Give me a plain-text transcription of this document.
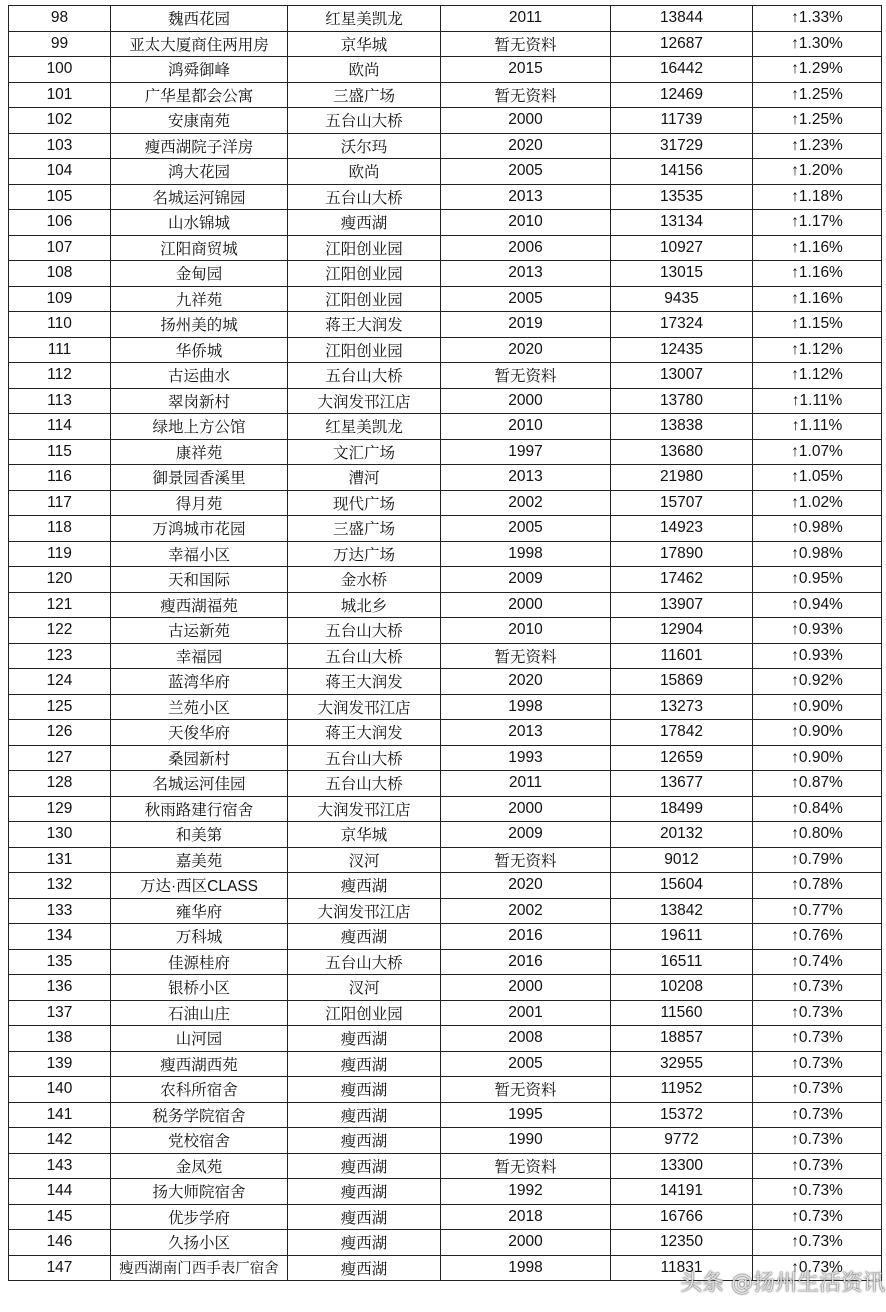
98	魏西花园	红星美凯龙	2011	13844	↑1.33%
99	亚太大厦商住两用房	京华城	暂无资料	12687	↑1.30%
100	鸿舜御峰	欧尚	2015	16442	↑1.29%
101	广华星都会公寓	三盛广场	暂无资料	12469	↑1.25%
102	安康南苑	五台山大桥	2000	11739	↑1.25%
103	瘦西湖院子洋房	沃尔玛	2020	31729	↑1.23%
104	鸿大花园	欧尚	2005	14156	↑1.20%
105	名城运河锦园	五台山大桥	2013	13535	↑1.18%
106	山水锦城	瘦西湖	2010	13134	↑1.17%
107	江阳商贸城	江阳创业园	2006	10927	↑1.16%
108	金甸园	江阳创业园	2013	13015	↑1.16%
109	九祥苑	江阳创业园	2005	9435	↑1.16%
110	扬州美的城	蒋王大润发	2019	17324	↑1.15%
111	华侨城	江阳创业园	2020	12435	↑1.12%
112	古运曲水	五台山大桥	暂无资料	13007	↑1.12%
113	翠岗新村	大润发邗江店	2000	13780	↑1.11%
114	绿地上方公馆	红星美凯龙	2010	13838	↑1.11%
115	康祥苑	文汇广场	1997	13680	↑1.07%
116	御景园香溪里	漕河	2013	21980	↑1.05%
117	得月苑	现代广场	2002	15707	↑1.02%
118	万鸿城市花园	三盛广场	2005	14923	↑0.98%
119	幸福小区	万达广场	1998	17890	↑0.98%
120	天和国际	金水桥	2009	17462	↑0.95%
121	瘦西湖福苑	城北乡	2000	13907	↑0.94%
122	古运新苑	五台山大桥	2010	12904	↑0.93%
123	幸福园	五台山大桥	暂无资料	11601	↑0.93%
124	蓝湾华府	蒋王大润发	2020	15869	↑0.92%
125	兰苑小区	大润发邗江店	1998	13273	↑0.90%
126	天俊华府	蒋王大润发	2013	17842	↑0.90%
127	桑园新村	五台山大桥	1993	12659	↑0.90%
128	名城运河佳园	五台山大桥	2011	13677	↑0.87%
129	秋雨路建行宿舍	大润发邗江店	2000	18499	↑0.84%
130	和美第	京华城	2009	20132	↑0.80%
131	嘉美苑	汊河	暂无资料	9012	↑0.79%
132	万达·西区CLASS	瘦西湖	2020	15604	↑0.78%
133	雍华府	大润发邗江店	2002	13842	↑0.77%
134	万科城	瘦西湖	2016	19611	↑0.76%
135	佳源桂府	五台山大桥	2016	16511	↑0.74%
136	银桥小区	汊河	2000	10208	↑0.73%
137	石油山庄	江阳创业园	2001	11560	↑0.73%
138	山河园	瘦西湖	2008	18857	↑0.73%
139	瘦西湖西苑	瘦西湖	2005	32955	↑0.73%
140	农科所宿舍	瘦西湖	暂无资料	11952	↑0.73%
141	税务学院宿舍	瘦西湖	1995	15372	↑0.73%
142	党校宿舍	瘦西湖	1990	9772	↑0.73%
143	金凤苑	瘦西湖	暂无资料	13300	↑0.73%
144	扬大师院宿舍	瘦西湖	1992	14191	↑0.73%
145	优步学府	瘦西湖	2018	16766	↑0.73%
146	久扬小区	瘦西湖	2000	12350	↑0.73%
147	瘦西湖南门西手表厂宿舍	瘦西湖	1998	11831	↑0.73%
头条 @扬州生活资讯
